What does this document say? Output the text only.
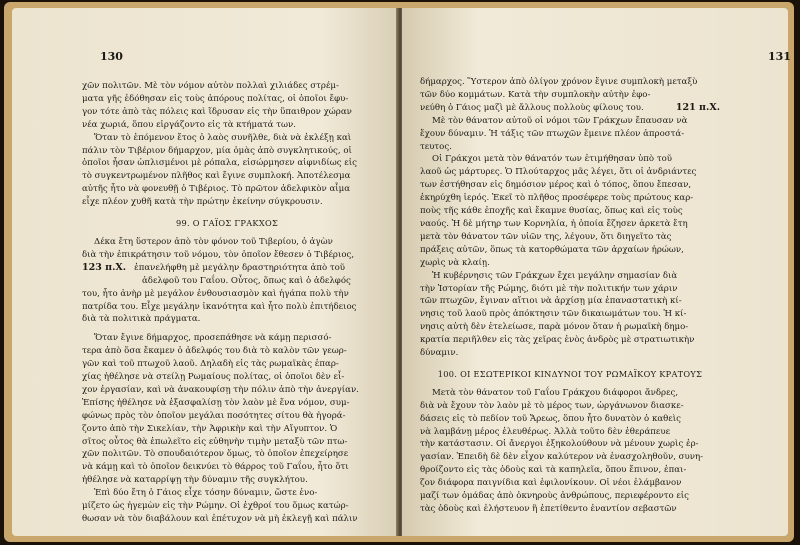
130
χῶν πολιτῶν. Μὲ τὸν νόμον αὐτὸν πολλαὶ χιλιάδες στρέμ-
ματα γῆς ἐδόθησαν εἰς τοὺς ἀπόρους πολίτας, οἱ ὁποῖοι ἔφυ-
γον τότε ἀπὸ τὰς πόλεις καὶ ἵδρυσαν εἰς τὴν ὕπαιθρον χώραν
νέα χωριά, ὅπου εἰργάζοντο εἰς τὰ κτήματά των.
Ὅταν τὸ ἑπόμενον ἔτος ὁ λαὸς συνῆλθε, διὰ νὰ ἐκλέξῃ καὶ
πάλιν τὸν Τιβέριον δήμαρχον, μία ὁμὰς ἀπὸ συγκλητικούς, οἱ
ὁποῖοι ἦσαν ὡπλισμένοι μὲ ρόπαλα, εἰσώρμησεν αἰφνιδίως εἰς
τὸ συγκεντρωμένον πλῆθος καὶ ἔγινε συμπλοκή. Ἀποτέλεσμα
αὐτῆς ἦτο νὰ φονευθῇ ὁ Τιβέριος. Τὸ πρῶτον ἀδελφικὸν αἷμα
εἶχε πλέον χυθῆ κατὰ τὴν πρώτην ἐκείνην σύγκρουσιν.
99. Ο ΓΑΪΟΣ ΓΡΑΚΧΟΣ
Δέκα ἔτη ὕστερον ἀπὸ τὸν φόνον τοῦ Τιβερίου, ὁ ἀγὼν
διὰ τὴν ἐπικράτησιν τοῦ νόμου, τὸν ὁποῖον ἔθεσεν ὁ Τιβέριος,
123 π.Χ. ἐπανελήφθη μὲ μεγάλην δραστηριότητα ἀπὸ τοῦ
ἀδελφοῦ του Γαΐου. Οὗτος, ὅπως καὶ ὁ ἀδελφός
του, ἦτο ἀνὴρ μὲ μεγάλον ἐνθουσιασμὸν καὶ ἠγάπα πολὺ τὴν
πατρίδα του. Εἶχε μεγάλην ἱκανότητα καὶ ἦτο πολὺ ἐπιτήδειος
διὰ τὰ πολιτικὰ πράγματα.
Ὅταν ἔγινε δήμαρχος, προσεπάθησε νὰ κάμῃ περισσό-
τερα ἀπὸ ὅσα ἔκαμεν ὁ ἀδελφός του διὰ τὸ καλὸν τῶν γεωρ-
γῶν καὶ τοῦ πτωχοῦ λαοῦ. Δηλαδὴ εἰς τὰς ρωμαϊκὰς ἐπαρ-
χίας ἠθέλησε νὰ στείλῃ Ρωμαίους πολίτας, οἱ ὁποῖοι δὲν εἶ-
χον ἐργασίαν, καὶ νὰ ἀνακουφίσῃ τὴν πόλιν ἀπὸ τὴν ἀνεργίαν.
Ἐπίσης ἠθέλησε νὰ ἐξασφαλίσῃ τὸν λαὸν μὲ ἕνα νόμον, συμ-
φώνως πρὸς τὸν ὁποῖον μεγάλαι ποσότητες σίτου θὰ ἠγορά-
ζοντο ἀπὸ τὴν Σικελίαν, τὴν Ἀφρικὴν καὶ τὴν Αἴγυπτον. Ὁ
σῖτος οὗτος θὰ ἐπωλεῖτο εἰς εὐθηνὴν τιμὴν μεταξὺ τῶν πτω-
χῶν πολιτῶν. Τὸ σπουδαιότερον ὅμως, τὸ ὁποῖον ἐπεχείρησε
νὰ κάμῃ καὶ τὸ ὁποῖον δεικνύει τὸ θάρρος τοῦ Γαΐου, ἦτο ὅτι
ἠθέλησε νὰ καταρρίψῃ τὴν δύναμιν τῆς συγκλήτου.
Ἐπὶ δύο ἔτη ὁ Γάιος εἶχε τόσην δύναμιν, ὥστε ἐνο-
μίζετο ὡς ἡγεμὼν εἰς τὴν Ρώμην. Οἱ ἐχθροί του ὅμως κατώρ-
θωσαν νὰ τὸν διαβάλουν καὶ ἐπέτυχον νὰ μὴ ἐκλεγῇ καὶ πάλιν
131
δήμαρχος. Ὕστερον ἀπὸ ὀλίγον χρόνον ἔγινε συμπλοκὴ μεταξὺ
τῶν δύο κομμάτων. Κατὰ τὴν συμπλοκὴν αὐτὴν ἐφο-
νεύθη ὁ Γάιος μαζὶ μὲ ἄλλους πολλοὺς φίλους του.	121 π.Χ.
Μὲ τὸν θάνατον αὐτοῦ οἱ νόμοι τῶν Γράκχων ἔπαυσαν νὰ
ἔχουν δύναμιν. Ἡ τάξις τῶν πτωχῶν ἔμεινε πλέον ἀπροστά-
τευτος.
Οἱ Γράκχοι μετὰ τὸν θάνατόν των ἐτιμήθησαν ὑπὸ τοῦ
λαοῦ ὡς μάρτυρες. Ὁ Πλούταρχος μᾶς λέγει, ὅτι οἱ ἀνδριάντες
των ἐστήθησαν εἰς δημόσιον μέρος καὶ ὁ τόπος, ὅπου ἔπεσαν,
ἐκηρύχθη ἱερός. Ἐκεῖ τὸ πλῆθος προσέφερε τοὺς πρώτους καρ-
ποὺς τῆς κάθε ἐποχῆς καὶ ἔκαμνε θυσίας, ὅπως καὶ εἰς τοὺς
ναούς. Ἡ δὲ μήτηρ των Κορνηλία, ἡ ὁποία ἔζησεν ἀρκετὰ ἔτη
μετὰ τὸν θάνατον τῶν υἱῶν της, λέγουν, ὅτι διηγεῖτο τὰς
πράξεις αὐτῶν, ὅπως τὰ κατορθώματα τῶν ἀρχαίων ἡρώων,
χωρὶς νὰ κλαίῃ.
Ἡ κυβέρνησις τῶν Γράκχων ἔχει μεγάλην σημασίαν διὰ
τὴν Ἱστορίαν τῆς Ρώμης, διότι μὲ τὴν πολιτικήν των χάριν
τῶν πτωχῶν, ἔγιναν αἴτιοι νὰ ἀρχίσῃ μία ἐπαναστατικὴ κί-
νησις τοῦ λαοῦ πρὸς ἀπόκτησιν τῶν δικαιωμάτων του. Ἡ κί-
νησις αὐτὴ δὲν ἐτελείωσε, παρὰ μόνον ὅταν ἡ ρωμαϊκὴ δημο-
κρατία περιῆλθεν εἰς τὰς χεῖρας ἑνὸς ἀνδρὸς μὲ στρατιωτικὴν
δύναμιν.
100. ΟΙ ΕΣΩΤΕΡΙΚΟΙ ΚΙΝΔΥΝΟΙ ΤΟΥ ΡΩΜΑΪΚΟΥ ΚΡΑΤΟΥΣ
Μετὰ τὸν θάνατον τοῦ Γαΐου Γράκχου διάφοροι ἄνδρες,
διὰ νὰ ἔχουν τὸν λαὸν μὲ τὸ μέρος των, ὠργάνωνον διασκε-
δάσεις εἰς τὸ πεδίον τοῦ Ἄρεως, ὅπου ἦτο δυνατὸν ὁ καθεὶς
νὰ λαμβάνῃ μέρος ἐλευθέρως. Ἀλλὰ τοῦτο δὲν ἐθεράπευε
τὴν κατάστασιν. Οἱ ἄνεργοι ἐξηκολούθουν νὰ μένουν χωρὶς ἐρ-
γασίαν. Ἐπειδὴ δὲ δὲν εἶχον καλύτερον νὰ ἐνασχοληθοῦν, συνη-
θροίζοντο εἰς τὰς ὁδοὺς καὶ τὰ καπηλεῖα, ὅπου ἔπινον, ἐπαι-
ζον διάφορα παιγνίδια καὶ ἐφιλονίκουν. Οἱ νέοι ἐλάμβανον
μαζί των ὁμάδας ἀπὸ ὀκνηροὺς ἀνθρώπους, περιεφέροντο εἰς
τὰς ὁδοὺς καὶ ἐλήστευον ἢ ἐπετίθεντο ἐναντίον σεβαστῶν
